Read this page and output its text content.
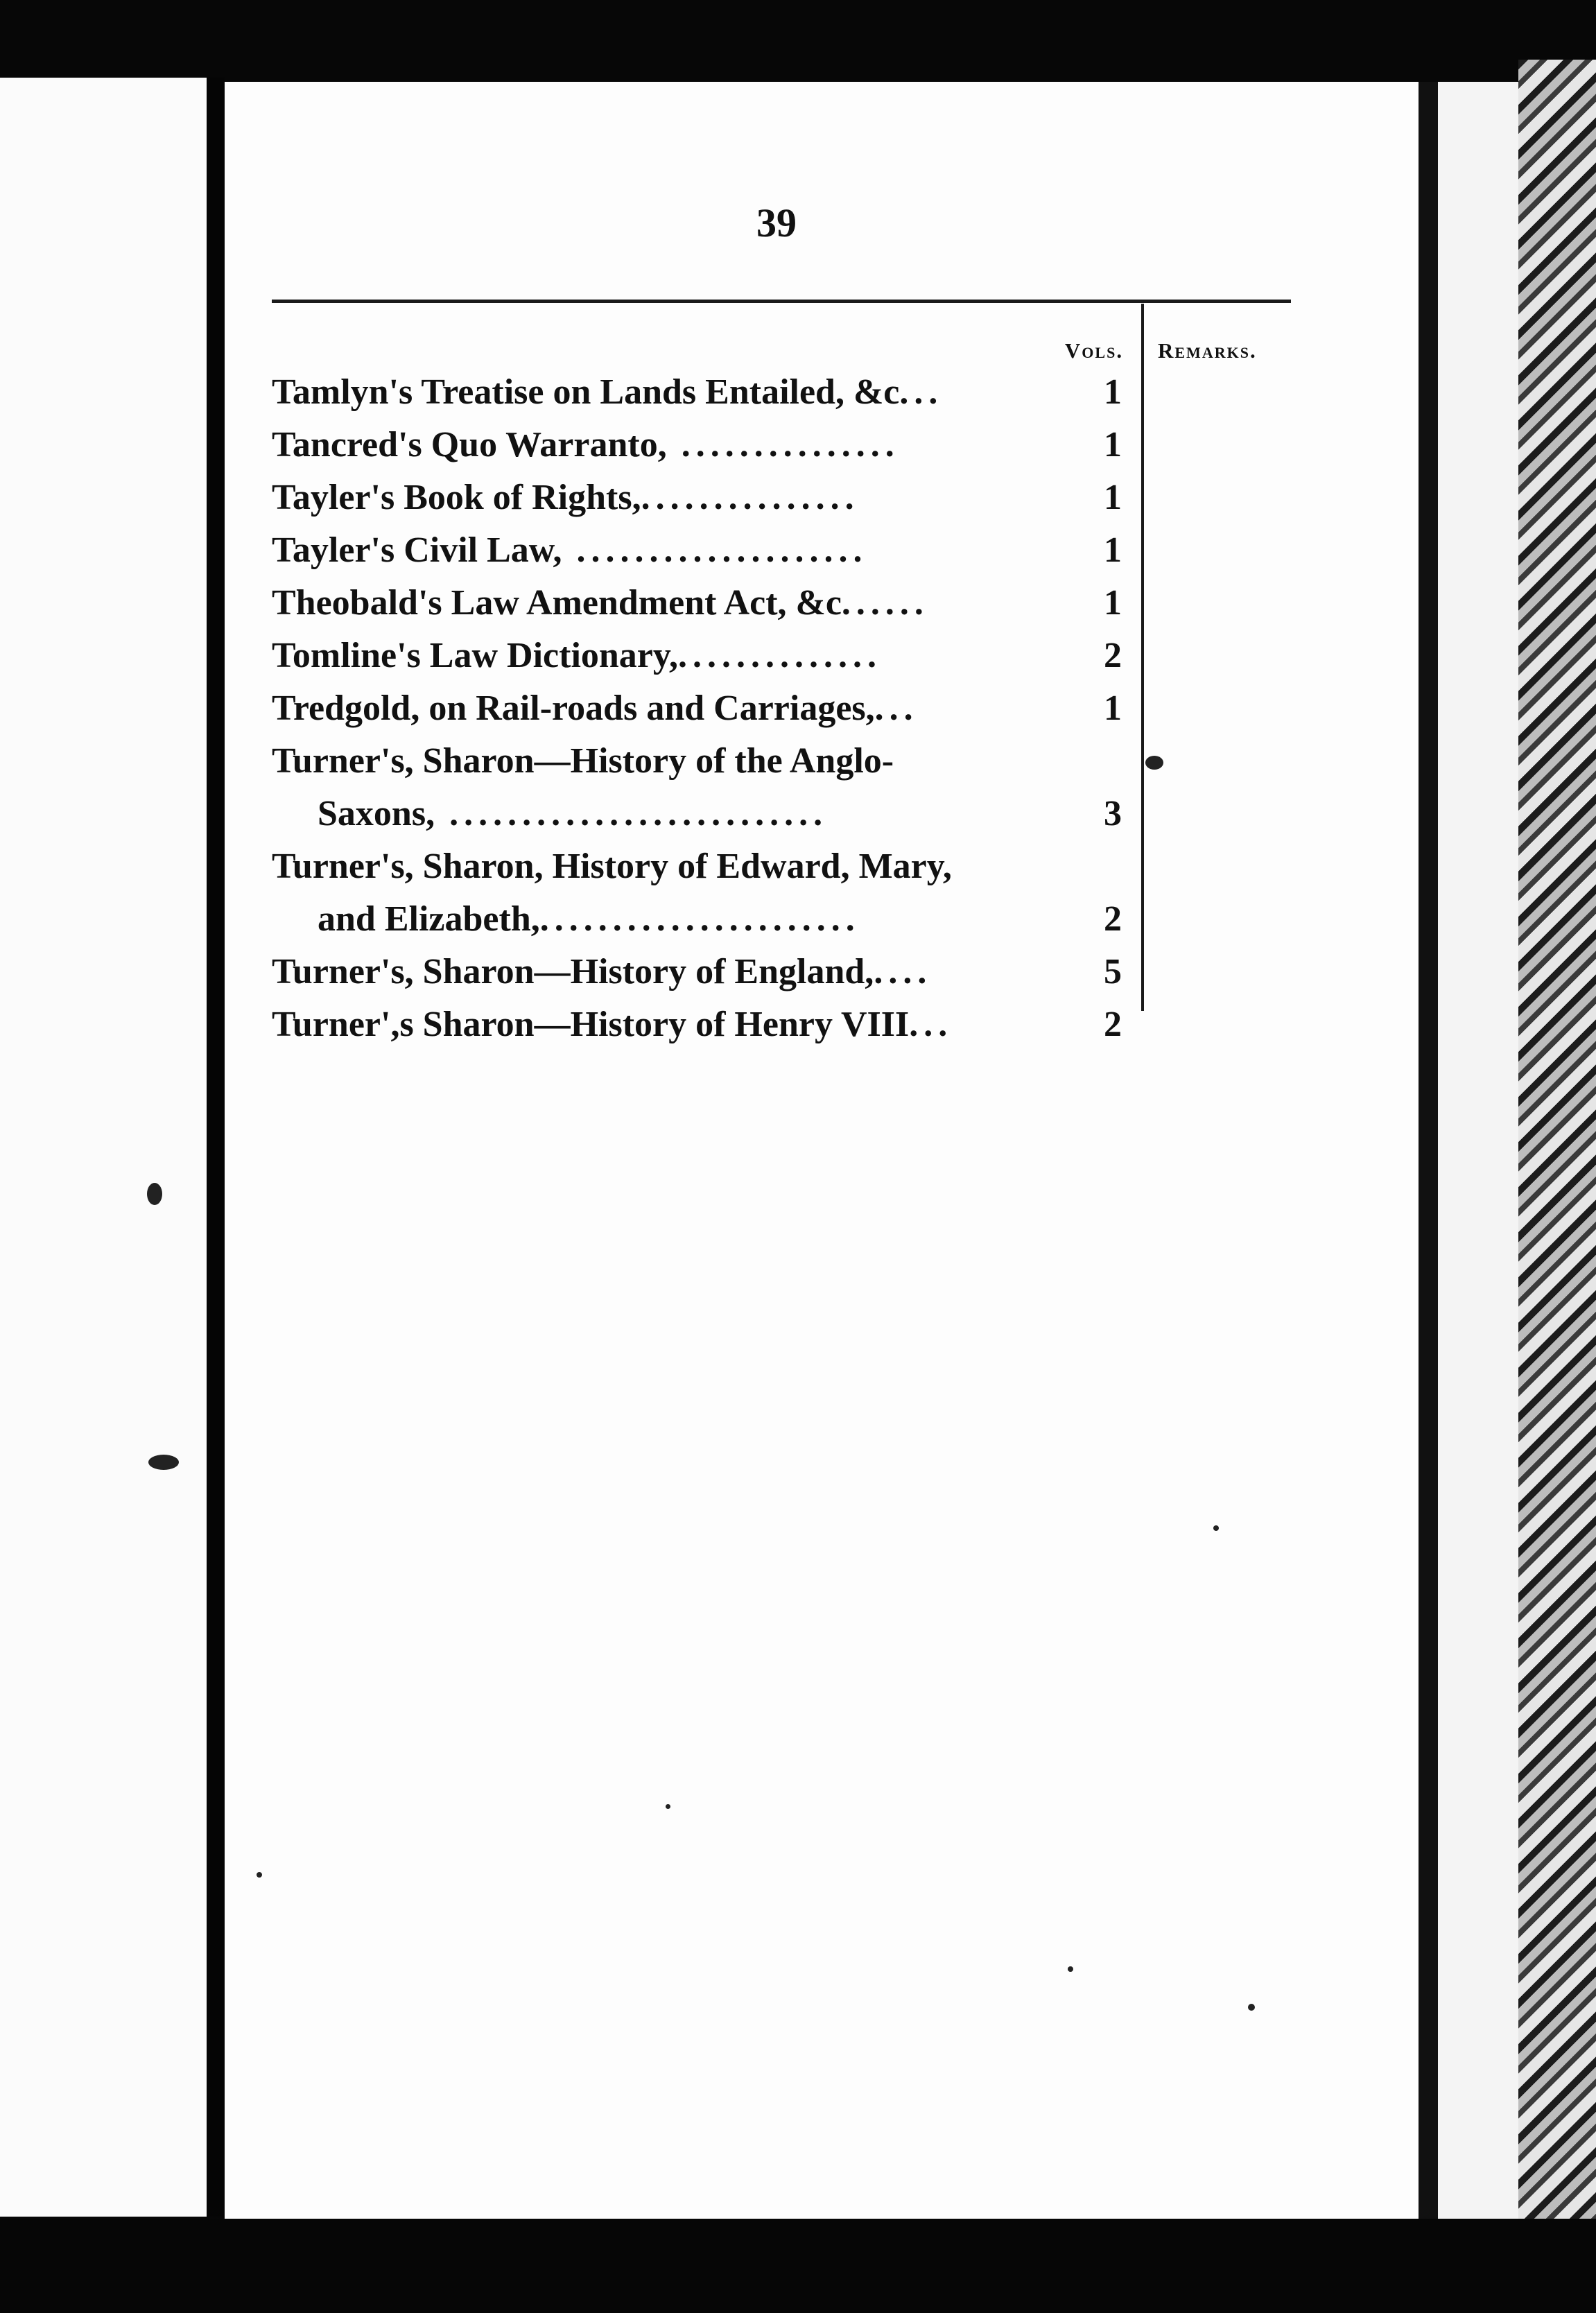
39
Vols. Remarks.
Tamlyn's Treatise on Lands Entailed, &c...	1
Tancred's Quo Warranto, ...............	1
Tayler's Book of Rights,...............	1
Tayler's Civil Law, ....................	1
Theobald's Law Amendment Act, &c......	1
Tomline's Law Dictionary,..............	2
Tredgold, on Rail-roads and Carriages,...	1
Turner's, Sharon—History of the Anglo-
Saxons, ..........................	3
Turner's, Sharon, History of Edward, Mary,
and Elizabeth,......................	2
Turner's, Sharon—History of England,....	5
Turner',s Sharon—History of Henry VIII...	2
